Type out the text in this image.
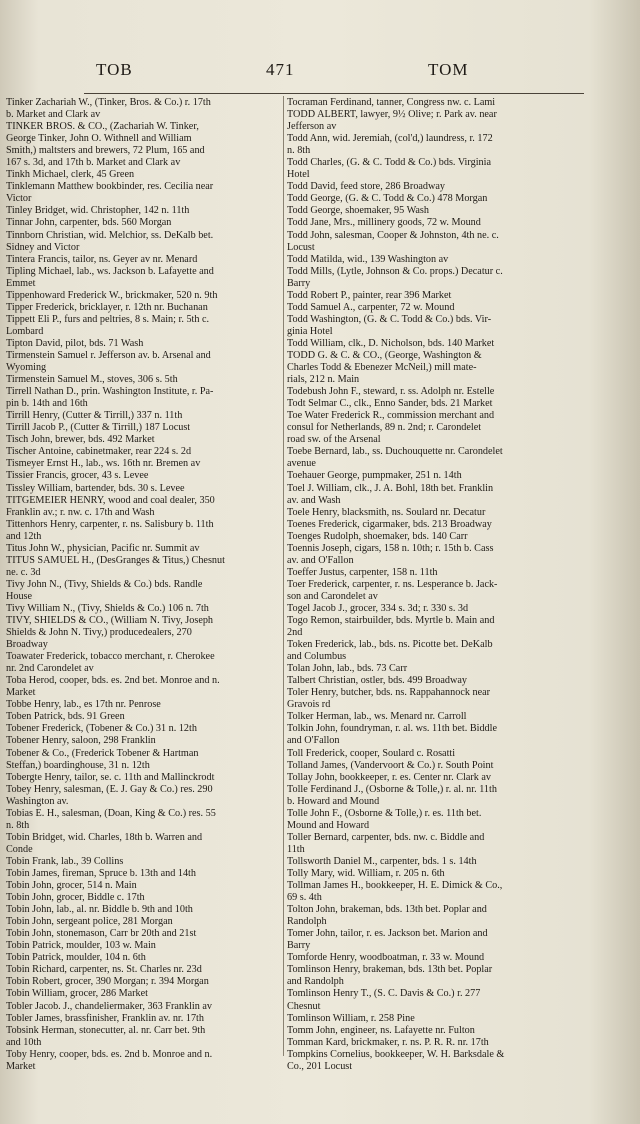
TOB	471	TOM

Tinker Zachariah W., (Tinker, Bros. & Co.) r. 17th
b. Market and Clark av

TINKER BROS. & CO., (Zachariah W. Tinker,
George Tinker, John O. Withnell and William
Smith,) maltsters and brewers, 72 Plum, 165 and
167 s. 3d, and 17th b. Market and Clark av

Tinkh Michael, clerk, 45 Green

Tinklemann Matthew bookbinder, res. Cecilia near
Victor

Tinley Bridget, wid. Christopher, 142 n. 11th

Tinnar John, carpenter, bds. 560 Morgan

Tinnborn Christian, wid. Melchior, ss. DeKalb bet.
Sidney and Victor

Tintera Francis, tailor, ns. Geyer av nr. Menard

Tipling Michael, lab., ws. Jackson b. Lafayette and
Emmet

Tippenhoward Frederick W., brickmaker, 520 n. 9th

Tipper Frederick, bricklayer, r. 12th nr. Buchanan

Tippett Eli P., furs and peltries, 8 s. Main; r. 5th c.
Lombard

Tipton David, pilot, bds. 71 Wash

Tirmenstein Samuel r. Jefferson av. b. Arsenal and
Wyoming

Tirmenstein Samuel M., stoves, 306 s. 5th

Tirrell Nathan D., prin. Washington Institute, r. Pa-
pin b. 14th and 16th

Tirrill Henry, (Cutter & Tirrill,) 337 n. 11th

Tirrill Jacob P., (Cutter & Tirrill,) 187 Locust

Tisch John, brewer, bds. 492 Market

Tischer Antoine, cabinetmaker, rear 224 s. 2d

Tismeyer Ernst H., lab., ws. 16th nr. Bremen av

Tissier Francis, grocer, 43 s. Levee

Tissley William, bartender, bds. 30 s. Levee

TITGEMEIER HENRY, wood and coal dealer, 350
Franklin av.; r. nw. c. 17th and Wash

Tittenhors Henry, carpenter, r. ns. Salisbury b. 11th
and 12th

Titus John W., physician, Pacific nr. Summit av

TITUS SAMUEL H., (DesGranges & Titus,) Chesnut
ne. c. 3d

Tivy John N., (Tivy, Shields & Co.) bds. Randle
House

Tivy William N., (Tivy, Shields & Co.) 106 n. 7th

TIVY, SHIELDS & CO., (William N. Tivy, Joseph
Shields & John N. Tivy,) producedealers, 270
Broadway

Toawater Frederick, tobacco merchant, r. Cherokee
nr. 2nd Carondelet av

Toba Herod, cooper, bds. es. 2nd bet. Monroe and n.
Market

Tobbe Henry, lab., es 17th nr. Penrose

Toben Patrick, bds. 91 Green

Tobener Frederick, (Tobener & Co.) 31 n. 12th

Tobener Henry, saloon, 298 Franklin

Tobener & Co., (Frederick Tobener & Hartman
Steffan,) boardinghouse, 31 n. 12th

Tobergte Henry, tailor, se. c. 11th and Mallinckrodt

Tobey Henry, salesman, (E. J. Gay & Co.) res. 290
Washington av.

Tobias E. H., salesman, (Doan, King & Co.) res. 55
n. 8th

Tobin Bridget, wid. Charles, 18th b. Warren and
Conde

Tobin Frank, lab., 39 Collins

Tobin James, fireman, Spruce b. 13th and 14th

Tobin John, grocer, 514 n. Main

Tobin John, grocer, Biddle c. 17th

Tobin John, lab., al. nr. Biddle b. 9th and 10th

Tobin John, sergeant police, 281 Morgan

Tobin John, stonemason, Carr br 20th and 21st

Tobin Patrick, moulder, 103 w. Main

Tobin Patrick, moulder, 104 n. 6th

Tobin Richard, carpenter, ns. St. Charles nr. 23d

Tobin Robert, grocer, 390 Morgan; r. 394 Morgan

Tobin William, grocer, 286 Market

Tobler Jacob. J., chandeliermaker, 363 Franklin av

Tobler James, brassfinisher, Franklin av. nr. 17th

Tobsink Herman, stonecutter, al. nr. Carr bet. 9th
and 10th

Toby Henry, cooper, bds. es. 2nd b. Monroe and n.
Market

Tocraman Ferdinand, tanner, Congress nw. c. Lami

TODD ALBERT, lawyer, 9½ Olive; r. Park av. near
Jefferson av

Todd Ann, wid. Jeremiah, (col'd,) laundress, r. 172
n. 8th

Todd Charles, (G. & C. Todd & Co.) bds. Virginia
Hotel

Todd David, feed store, 286 Broadway

Todd George, (G. & C. Todd & Co.) 478 Morgan

Todd George, shoemaker, 95 Wash

Todd Jane, Mrs., millinery goods, 72 w. Mound

Todd John, salesman, Cooper & Johnston, 4th ne. c.
Locust

Todd Matilda, wid., 139 Washington av

Todd Mills, (Lytle, Johnson & Co. props.) Decatur c.
Barry

Todd Robert P., painter, rear 396 Market

Todd Samuel A., carpenter, 72 w. Mound

Todd Washington, (G. & C. Todd & Co.) bds. Vir-
ginia Hotel

Todd William, clk., D. Nicholson, bds. 140 Market

TODD G. & C. & CO., (George, Washington &
Charles Todd & Ebenezer McNeil,) mill mate-
rials, 212 n. Main

Todebush John F., steward, r. ss. Adolph nr. Estelle

Todt Selmar C., clk., Enno Sander, bds. 21 Market

Toe Water Frederick R., commission merchant and
consul for Netherlands, 89 n. 2nd; r. Carondelet
road sw. of the Arsenal

Toebe Bernard, lab., ss. Duchouquette nr. Carondelet
avenue

Toehauer George, pumpmaker, 251 n. 14th

Toel J. William, clk., J. A. Bohl, 18th bet. Franklin
av. and Wash

Toele Henry, blacksmith, ns. Soulard nr. Decatur

Toenes Frederick, cigarmaker, bds. 213 Broadway

Toenges Rudolph, shoemaker, bds. 140 Carr

Toennis Joseph, cigars, 158 n. 10th; r. 15th b. Cass
av. and O'Fallon

Toeffer Justus, carpenter, 158 n. 11th

Toer Frederick, carpenter, r. ns. Lesperance b. Jack-
son and Carondelet av

Togel Jacob J., grocer, 334 s. 3d; r. 330 s. 3d

Togo Remon, stairbuilder, bds. Myrtle b. Main and
2nd

Token Frederick, lab., bds. ns. Picotte bet. DeKalb
and Columbus

Tolan John, lab., bds. 73 Carr

Talbert Christian, ostler, bds. 499 Broadway

Toler Henry, butcher, bds. ns. Rappahannock near
Gravois rd

Tolker Herman, lab., ws. Menard nr. Carroll

Tolkin John, foundryman, r. al. ws. 11th bet. Biddle
and O'Fallon

Toll Frederick, cooper, Soulard c. Rosatti

Tolland James, (Vandervoort & Co.) r. South Point

Tollay John, bookkeeper, r. es. Center nr. Clark av

Tolle Ferdinand J., (Osborne & Tolle,) r. al. nr. 11th
b. Howard and Mound

Tolle John F., (Osborne & Tolle,) r. es. 11th bet.
Mound and Howard

Toller Bernard, carpenter, bds. nw. c. Biddle and
11th

Tollsworth Daniel M., carpenter, bds. 1 s. 14th

Tolly Mary, wid. William, r. 205 n. 6th

Tollman James H., bookkeeper, H. E. Dimick & Co.,
69 s. 4th

Tolton John, brakeman, bds. 13th bet. Poplar and
Randolph

Tomer John, tailor, r. es. Jackson bet. Marion and
Barry

Tomforde Henry, woodboatman, r. 33 w. Mound

Tomlinson Henry, brakeman, bds. 13th bet. Poplar
and Randolph

Tomlinson Henry T., (S. C. Davis & Co.) r. 277
Chesnut

Tomlinson William, r. 258 Pine

Tomm John, engineer, ns. Lafayette nr. Fulton

Tomman Kard, brickmaker, r. ns. P. R. R. nr. 17th

Tompkins Cornelius, bookkeeper, W. H. Barksdale &
Co., 201 Locust
